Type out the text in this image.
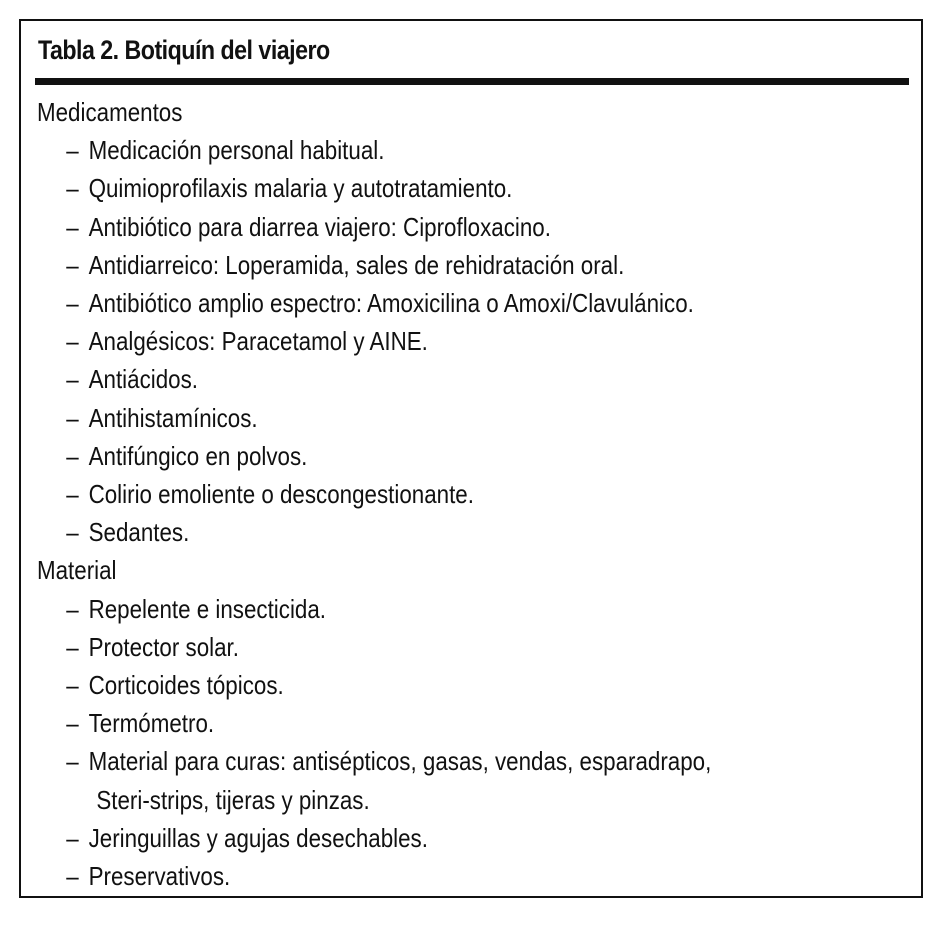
Tabla 2. Botiquín del viajero
Medicamentos
– Medicación personal habitual.
– Quimioprofilaxis malaria y autotratamiento.
– Antibiótico para diarrea viajero: Ciprofloxacino.
– Antidiarreico: Loperamida, sales de rehidratación oral.
– Antibiótico amplio espectro: Amoxicilina o Amoxi/Clavulánico.
– Analgésicos: Paracetamol y AINE.
– Antiácidos.
– Antihistamínicos.
– Antifúngico en polvos.
– Colirio emoliente o descongestionante.
– Sedantes.
Material
– Repelente e insecticida.
– Protector solar.
– Corticoides tópicos.
– Termómetro.
– Material para curas: antisépticos, gasas, vendas, esparadrapo,
Steri-strips, tijeras y pinzas.
– Jeringuillas y agujas desechables.
– Preservativos.
